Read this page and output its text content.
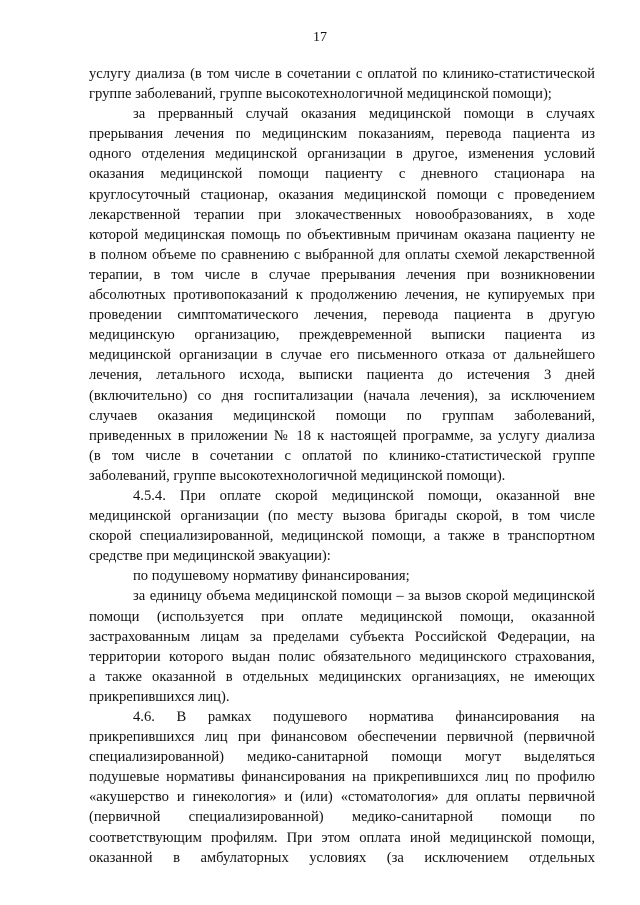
17
услугу диализа (в том числе в сочетании с оплатой по клинико-статистической
группе заболеваний, группе высокотехнологичной медицинской помощи);
за прерванный случай оказания медицинской помощи в случаях
прерывания лечения по медицинским показаниям, перевода пациента из
одного отделения медицинской организации в другое, изменения условий
оказания медицинской помощи пациенту с дневного стационара на
круглосуточный стационар, оказания медицинской помощи с проведением
лекарственной терапии при злокачественных новообразованиях, в ходе
которой медицинская помощь по объективным причинам оказана пациенту не
в полном объеме по сравнению с выбранной для оплаты схемой лекарственной
терапии, в том числе в случае прерывания лечения при возникновении
абсолютных противопоказаний к продолжению лечения, не купируемых при
проведении симптоматического лечения, перевода пациента в другую
медицинскую организацию, преждевременной выписки пациента из
медицинской организации в случае его письменного отказа от дальнейшего
лечения, летального исхода, выписки пациента до истечения 3 дней
(включительно) со дня госпитализации (начала лечения), за исключением
случаев оказания медицинской помощи по группам заболеваний,
приведенных в приложении № 18 к настоящей программе, за услугу диализа
(в том числе в сочетании с оплатой по клинико-статистической группе
заболеваний, группе высокотехнологичной медицинской помощи).
4.5.4. При оплате скорой медицинской помощи, оказанной вне
медицинской организации (по месту вызова бригады скорой, в том числе
скорой специализированной, медицинской помощи, а также в транспортном
средстве при медицинской эвакуации):
по подушевому нормативу финансирования;
за единицу объема медицинской помощи – за вызов скорой медицинской
помощи (используется при оплате медицинской помощи, оказанной
застрахованным лицам за пределами субъекта Российской Федерации, на
территории которого выдан полис обязательного медицинского страхования,
а также оказанной в отдельных медицинских организациях, не имеющих
прикрепившихся лиц).
4.6. В рамках подушевого норматива финансирования на
прикрепившихся лиц при финансовом обеспечении первичной (первичной
специализированной) медико-санитарной помощи могут выделяться
подушевые нормативы финансирования на прикрепившихся лиц по профилю
«акушерство и гинекология» и (или) «стоматология» для оплаты первичной
(первичной специализированной) медико-санитарной помощи по
соответствующим профилям. При этом оплата иной медицинской помощи,
оказанной в амбулаторных условиях (за исключением отдельных
